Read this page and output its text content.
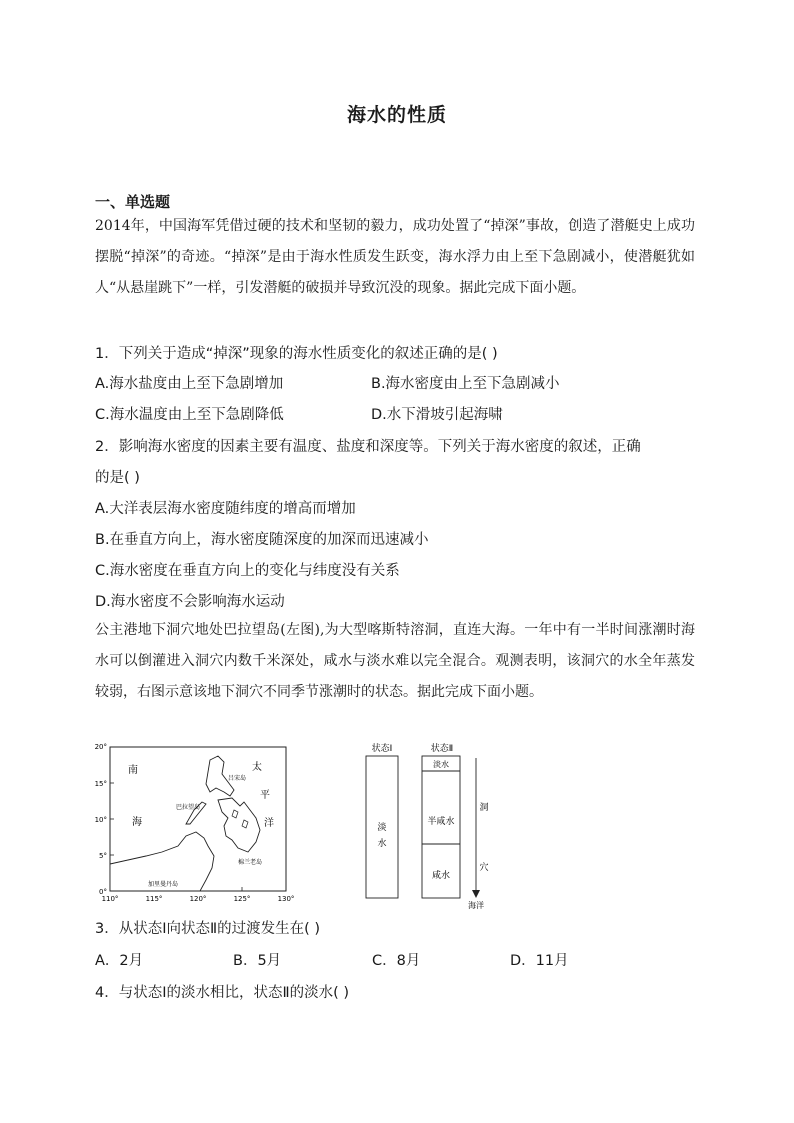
海水的性质
一、单选题
2014年，中国海军凭借过硬的技术和坚韧的毅力，成功处置了“掉深”事故，创造了潜艇史上成功摆脱“掉深”的奇迹。“掉深”是由于海水性质发生跃变，海水浮力由上至下急剧减小，使潜艇犹如人“从悬崖跳下”一样，引发潜艇的破损并导致沉没的现象。据此完成下面小题。
1．下列关于造成“掉深”现象的海水性质变化的叙述正确的是( )
A.海水盐度由上至下急剧增加	B.海水密度由上至下急剧减小
C.海水温度由上至下急剧降低	D.水下滑坡引起海啸
2．影响海水密度的因素主要有温度、盐度和深度等。下列关于海水密度的叙述，正确
的是( )
A.大洋表层海水密度随纬度的增高而增加
B.在垂直方向上，海水密度随深度的加深而迅速减小
C.海水密度在垂直方向上的变化与纬度没有关系
D.海水密度不会影响海水运动
公主港地下洞穴地处巴拉望岛(左图),为大型喀斯特溶洞，直连大海。一年中有一半时间涨潮时海水可以倒灌进入洞穴内数千米深处，咸水与淡水难以完全混合。观测表明，该洞穴的水全年蒸发较弱，右图示意该地下洞穴不同季节涨潮时的状态。据此完成下面小题。
20°
15°
10°
5°
0°
110°	115°	120°	125°	130°
南
海
太
平
洋
吕宋岛
巴拉望岛
棉兰老岛
加里曼丹岛
状态Ⅰ	状态Ⅱ
淡
水
淡水
半咸水
咸水
洞
穴
海洋
3．从状态Ⅰ向状态Ⅱ的过渡发生在( )
A．2月	B．5月	C．8月	D．11月
4．与状态Ⅰ的淡水相比，状态Ⅱ的淡水( )
